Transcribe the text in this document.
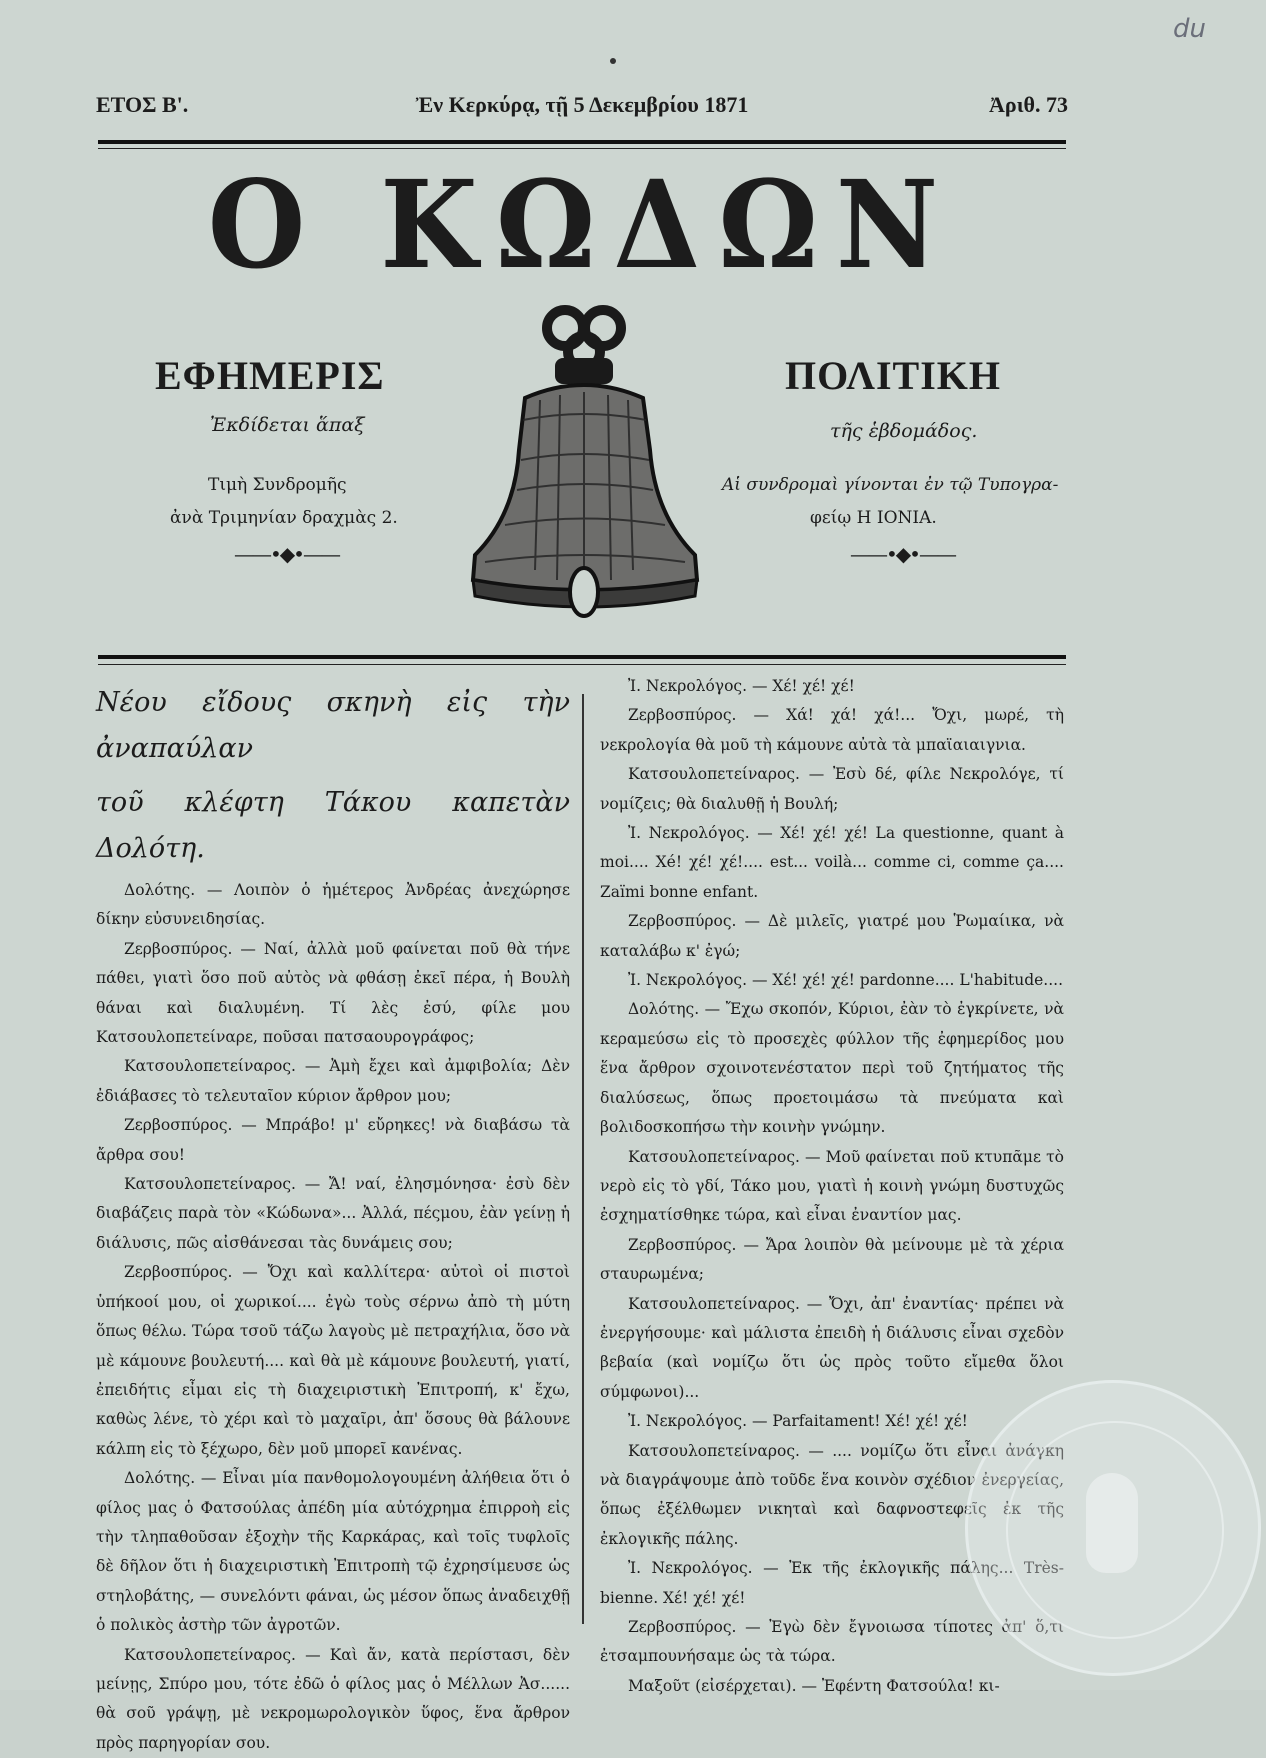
du
ΕΤΟΣ Β'.	Ἐν Κερκύρᾳ, τῇ 5 Δεκεμβρίου 1871	Ἀριθ. 73
Ο ΚΩΔΩΝ
ΕΦΗΜΕΡΙΣ	ΠΟΛΙΤΙΚΗ
Ἐκδίδεται ἅπαξ
Τιμὴ Συνδρομῆς
ἀνὰ Τριμηνίαν δραχμὰς 2.
——•◆•——
τῆς ἑβδομάδος.
Αἱ συνδρομαὶ γίνονται ἐν τῷ Τυπογρα-
φείῳ Η ΙΟΝΙΑ.
——•◆•——

Νέου εἴδους σκηνὴ εἰς τὴν ἀναπαύλαν

τοῦ κλέφτη Τάκου καπετὰν Δολότη.

Δολότης. — Λοιπὸν ὁ ἡμέτερος Ἀνδρέας ἀνεχώρησε δίκην εὐσυνειδησίας.

Ζερβοσπύρος. — Ναί, ἀλλὰ μοῦ φαίνεται ποῦ θὰ τήνε πάθει, γιατὶ ὅσο ποῦ αὐτὸς νὰ φθάσῃ ἐκεῖ πέρα, ἡ Βουλὴ θάναι καὶ διαλυμένη. Τί λὲς ἐσύ, φίλε μου Κατσουλοπετείναρε, ποῦσαι πατσαουρογράφος;

Κατσουλοπετείναρος. — Ἀμὴ ἔχει καὶ ἀμφιβολία; Δὲν ἐδιάβασες τὸ τελευταῖον κύριον ἄρθρον μου;

Ζερβοσπύρος. — Μπράβο! μ' εὔρηκες! νὰ διαβάσω τὰ ἄρθρα σου!

Κατσουλοπετείναρος. — Ἄ! ναί, ἐλησμόνησα· ἐσὺ δὲν διαβάζεις παρὰ τὸν «Κώδωνα»... Ἀλλά, πέςμου, ἐὰν γείνῃ ἡ διάλυσις, πῶς αἰσθάνεσαι τὰς δυνάμεις σου;

Ζερβοσπύρος. — Ὄχι καὶ καλλίτερα· αὐτοὶ οἱ πιστοὶ ὑπήκοοί μου, οἱ χωρικοί.... ἐγὼ τοὺς σέρνω ἀπὸ τὴ μύτη ὅπως θέλω. Τώρα τσοῦ τάζω λαγοὺς μὲ πετραχήλια, ὅσο νὰ μὲ κάμουνε βουλευτή.... καὶ θὰ μὲ κάμουνε βουλευτή, γιατί, ἐπειδήτις εἶμαι εἰς τὴ διαχειριστικὴ Ἐπιτροπή, κ' ἔχω, καθὼς λένε, τὸ χέρι καὶ τὸ μαχαῖρι, ἀπ' ὅσους θὰ βάλουνε κάλπη εἰς τὸ ξέχωρο, δὲν μοῦ μπορεῖ κανένας.

Δολότης. — Εἶναι μία πανθομολογουμένη ἀλήθεια ὅτι ὁ φίλος μας ὁ Φατσούλας ἀπέδη μία αὐτόχρημα ἐπιρροὴ εἰς τὴν τληπαθοῦσαν ἐξοχὴν τῆς Καρκάρας, καὶ τοῖς τυφλοῖς δὲ δῆλον ὅτι ἡ διαχειριστικὴ Ἐπιτροπὴ τῷ ἐχρησίμευσε ὡς στηλοβάτης, — συνελόντι φάναι, ὡς μέσον ὅπως ἀναδειχθῇ ὁ πολικὸς ἀστὴρ τῶν ἀγροτῶν.

Κατσουλοπετείναρος. — Καὶ ἄν, κατὰ περίστασι, δὲν μείνῃς, Σπύρο μου, τότε ἐδῶ ὁ φίλος μας ὁ Μέλλων Ἀσ...... θὰ σοῦ γράψῃ, μὲ νεκρομωρολογικὸν ὕφος, ἕνα ἄρθρον πρὸς παρηγορίαν σου.

Ἰ. Νεκρολόγος. — Χέ! χέ! χέ!

Ζερβοσπύρος. — Χά! χά! χά!... Ὄχι, μωρέ, τὴ νεκρολογία θὰ μοῦ τὴ κάμουνε αὐτὰ τὰ μπαϊαιαιγνια.

Κατσουλοπετείναρος. — Ἐσὺ δέ, φίλε Νεκρολόγε, τί νομίζεις; θὰ διαλυθῇ ἡ Βουλή;

Ἰ. Νεκρολόγος. — Χέ! χέ! χέ! La questionne, quant à moi.... Xé! χέ! χέ!.... est... voilà... comme ci, comme ça.... Zaïmi bonne enfant.

Ζερβοσπύρος. — Δὲ μιλεῖς, γιατρέ μου Ῥωμαίικα, νὰ καταλάβω κ' ἐγώ;

Ἰ. Νεκρολόγος. — Χέ! χέ! χέ! pardonne.... L'habitude....

Δολότης. — Ἔχω σκοπόν, Κύριοι, ἐὰν τὸ ἐγκρίνετε, νὰ κεραμεύσω εἰς τὸ προσεχὲς φύλλον τῆς ἐφημερίδος μου ἕνα ἄρθρον σχοινοτενέστατον περὶ τοῦ ζητήματος τῆς διαλύσεως, ὅπως προετοιμάσω τὰ πνεύματα καὶ βολιδοσκοπήσω τὴν κοινὴν γνώμην.

Κατσουλοπετείναρος. — Μοῦ φαίνεται ποῦ κτυπᾶμε τὸ νερὸ εἰς τὸ γδί, Τάκο μου, γιατὶ ἡ κοινὴ γνώμη δυστυχῶς ἐσχηματίσθηκε τώρα, καὶ εἶναι ἐναντίον μας.

Ζερβοσπύρος. — Ἄρα λοιπὸν θὰ μείνουμε μὲ τὰ χέρια σταυρωμένα;

Κατσουλοπετείναρος. — Ὄχι, ἀπ' ἐναντίας· πρέπει νὰ ἐνεργήσουμε· καὶ μάλιστα ἐπειδὴ ἡ διάλυσις εἶναι σχεδὸν βεβαία (καὶ νομίζω ὅτι ὡς πρὸς τοῦτο εἴμεθα ὅλοι σύμφωνοι)...

Ἰ. Νεκρολόγος. — Parfaitament! Χέ! χέ! χέ!

Κατσουλοπετείναρος. — .... νομίζω ὅτι εἶναι ἀνάγκη νὰ διαγράψουμε ἀπὸ τοῦδε ἕνα κοινὸν σχέδιον ἐνεργείας, ὅπως ἐξέλθωμεν νικηταὶ καὶ δαφνοστεφεῖς ἐκ τῆς ἐκλογικῆς πάλης.

Ἰ. Νεκρολόγος. — Ἐκ τῆς ἐκλογικῆς πάλης... Très-bienne. Χέ! χέ! χέ!

Ζερβοσπύρος. — Ἐγὼ δὲν ἔγνοιωσα τίποτες ἀπ' ὅ,τι ἐτσαμπουνήσαμε ὡς τὰ τώρα.

Μαξοῦτ (εἰσέρχεται). — Ἐφέντη Φατσούλα! κι-
